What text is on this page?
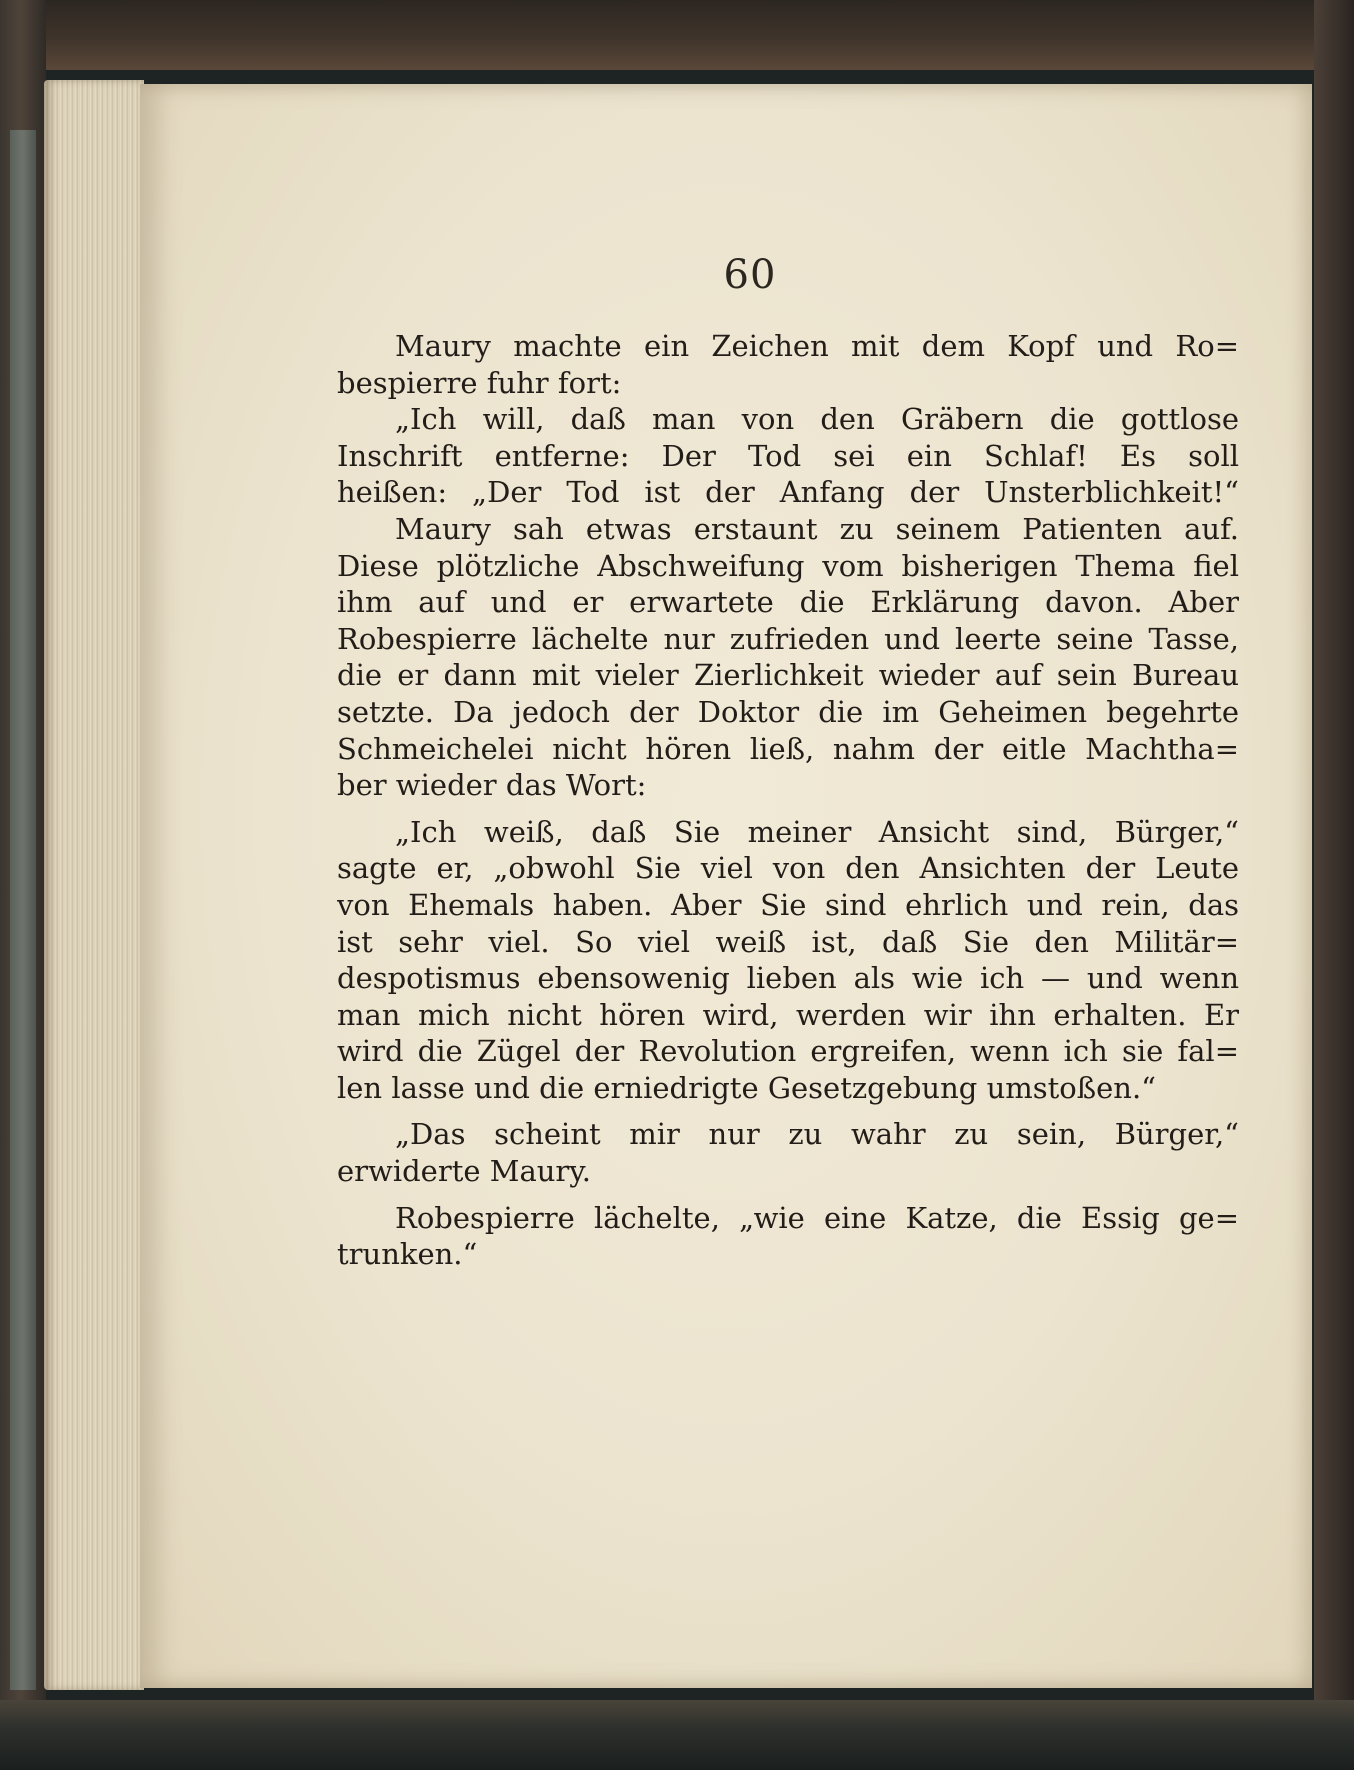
60
Maury machte ein Zeichen mit dem Kopf und Ro=
bespierre fuhr fort:
„Ich will, daß man von den Gräbern die gottlose
Inschrift entferne: Der Tod sei ein Schlaf! Es soll
heißen: „Der Tod ist der Anfang der Unsterblichkeit!“
Maury sah etwas erstaunt zu seinem Patienten auf.
Diese plötzliche Abschweifung vom bisherigen Thema fiel
ihm auf und er erwartete die Erklärung davon. Aber
Robespierre lächelte nur zufrieden und leerte seine Tasse,
die er dann mit vieler Zierlichkeit wieder auf sein Bureau
setzte. Da jedoch der Doktor die im Geheimen begehrte
Schmeichelei nicht hören ließ, nahm der eitle Machtha=
ber wieder das Wort:
„Ich weiß, daß Sie meiner Ansicht sind, Bürger,“
sagte er, „obwohl Sie viel von den Ansichten der Leute
von Ehemals haben. Aber Sie sind ehrlich und rein, das
ist sehr viel. So viel weiß ist, daß Sie den Militär=
despotismus ebensowenig lieben als wie ich — und wenn
man mich nicht hören wird, werden wir ihn erhalten. Er
wird die Zügel der Revolution ergreifen, wenn ich sie fal=
len lasse und die erniedrigte Gesetzgebung umstoßen.“
„Das scheint mir nur zu wahr zu sein, Bürger,“
erwiderte Maury.
Robespierre lächelte, „wie eine Katze, die Essig ge=
trunken.“
